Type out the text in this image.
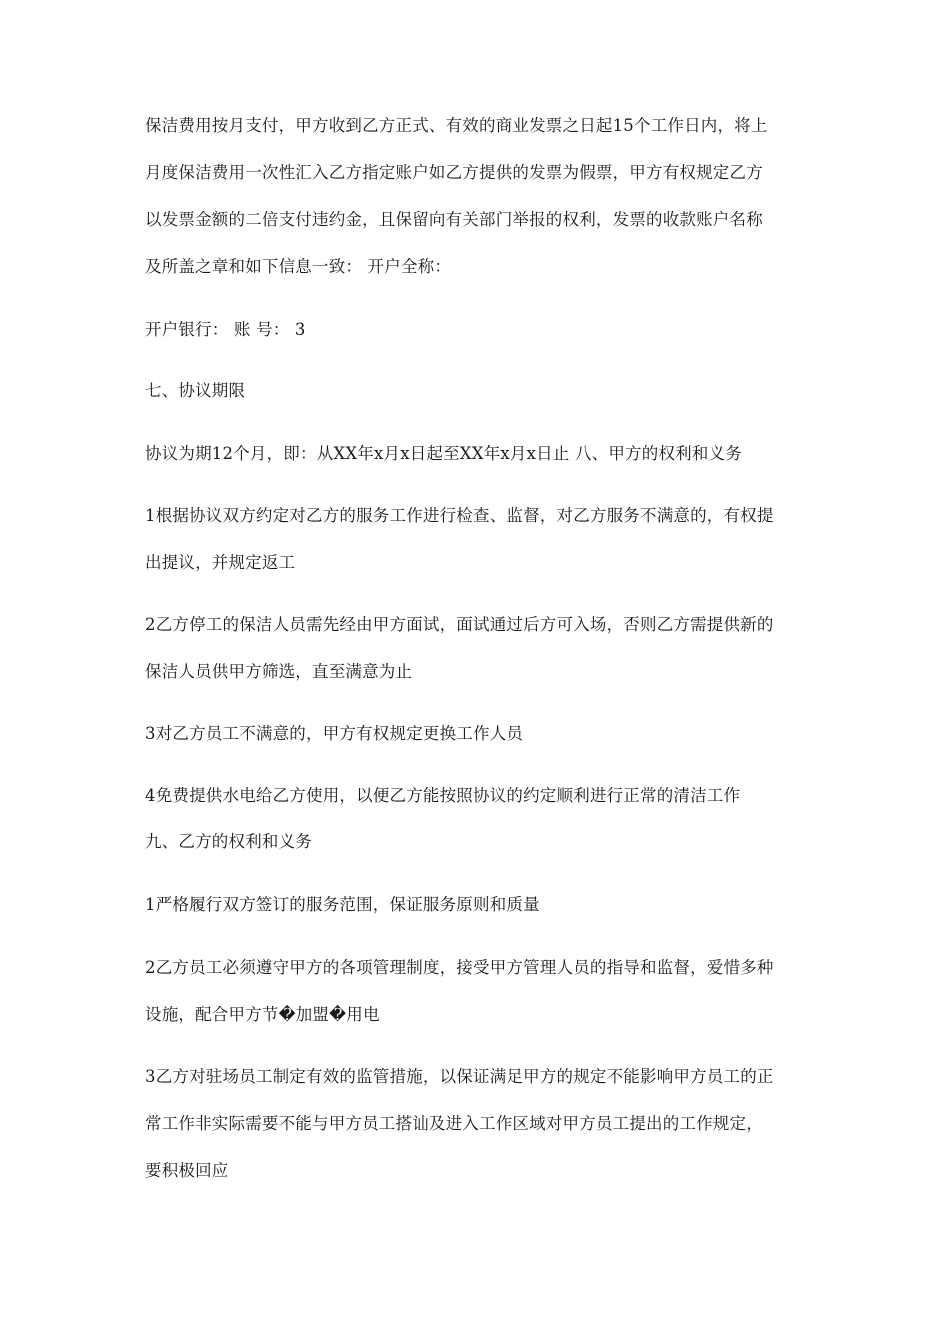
保洁费用按月支付，甲方收到乙方正式、有效的商业发票之日起15个工作日内，将上
月度保洁费用一次性汇入乙方指定账户如乙方提供的发票为假票，甲方有权规定乙方
以发票金额的二倍支付违约金，且保留向有关部门举报的权利，发票的收款账户名称
及所盖之章和如下信息一致： 开户全称：
开户银行： 账 号： 3
七、协议期限
协议为期12个月，即：从XX年x月x日起至XX年x月x日止 八、甲方的权利和义务
1根据协议双方约定对乙方的服务工作进行检查、监督，对乙方服务不满意的，有权提
出提议，并规定返工
2乙方停工的保洁人员需先经由甲方面试，面试通过后方可入场，否则乙方需提供新的
保洁人员供甲方筛选，直至满意为止
3对乙方员工不满意的，甲方有权规定更换工作人员
4免费提供水电给乙方使用，以便乙方能按照协议的约定顺利进行正常的清洁工作
九、乙方的权利和义务
1严格履行双方签订的服务范围，保证服务原则和质量
2乙方员工必须遵守甲方的各项管理制度，接受甲方管理人员的指导和监督，爱惜多种
设施，配合甲方节�加盟�用电
3乙方对驻场员工制定有效的监管措施，以保证满足甲方的规定不能影响甲方员工的正
常工作非实际需要不能与甲方员工搭讪及进入工作区域对甲方员工提出的工作规定，
要积极回应
